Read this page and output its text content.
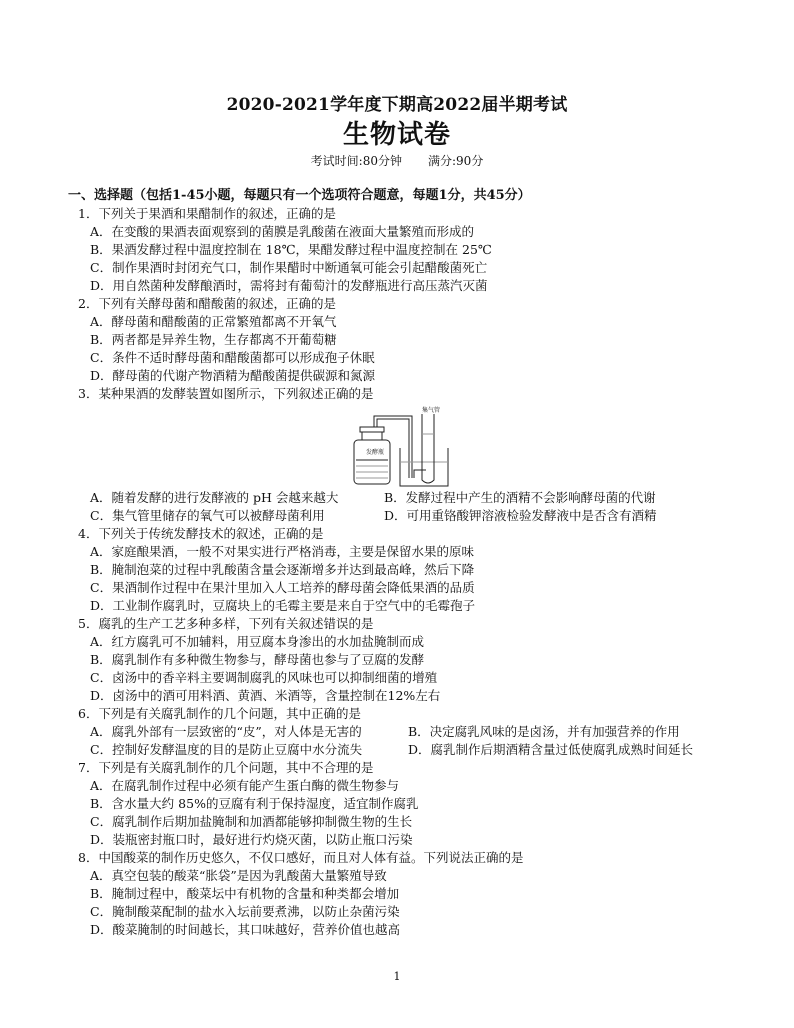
2020-2021学年度下期高2022届半期考试
生物试卷
考试时间:80分钟 满分:90分
一、选择题（包括1-45小题，每题只有一个选项符合题意，每题1分，共45分）
1．下列关于果酒和果醋制作的叙述，正确的是
A．在变酸的果酒表面观察到的菌膜是乳酸菌在液面大量繁殖而形成的
B．果酒发酵过程中温度控制在 18℃，果醋发酵过程中温度控制在 25℃
C．制作果酒时封闭充气口，制作果醋时中断通氧可能会引起醋酸菌死亡
D．用自然菌种发酵酿酒时，需将封有葡萄汁的发酵瓶进行高压蒸汽灭菌
2．下列有关酵母菌和醋酸菌的叙述，正确的是
A．酵母菌和醋酸菌的正常繁殖都离不开氧气
B．两者都是异养生物，生存都离不开葡萄糖
C．条件不适时酵母菌和醋酸菌都可以形成孢子休眠
D．酵母菌的代谢产物酒精为醋酸菌提供碳源和氮源
3．某种果酒的发酵装置如图所示，下列叙述正确的是
集气管
发酵瓶
A．随着发酵的进行发酵液的 pH 会越来越大	B．发酵过程中产生的酒精不会影响酵母菌的代谢
C．集气管里储存的氧气可以被酵母菌利用	D．可用重铬酸钾溶液检验发酵液中是否含有酒精
4．下列关于传统发酵技术的叙述，正确的是
A．家庭酿果酒，一般不对果实进行严格消毒，主要是保留水果的原味
B．腌制泡菜的过程中乳酸菌含量会逐渐增多并达到最高峰，然后下降
C．果酒制作过程中在果汁里加入人工培养的酵母菌会降低果酒的品质
D．工业制作腐乳时，豆腐块上的毛霉主要是来自于空气中的毛霉孢子
5．腐乳的生产工艺多种多样，下列有关叙述错误的是
A．红方腐乳可不加辅料，用豆腐本身渗出的水加盐腌制而成
B．腐乳制作有多种微生物参与，酵母菌也参与了豆腐的发酵
C．卤汤中的香辛料主要调制腐乳的风味也可以抑制细菌的增殖
D．卤汤中的酒可用料酒、黄酒、米酒等，含量控制在12%左右
6．下列是有关腐乳制作的几个问题，其中正确的是
A．腐乳外部有一层致密的“皮”，对人体是无害的	B．决定腐乳风味的是卤汤，并有加强营养的作用
C．控制好发酵温度的目的是防止豆腐中水分流失	D．腐乳制作后期酒精含量过低使腐乳成熟时间延长
7．下列是有关腐乳制作的几个问题，其中不合理的是
A．在腐乳制作过程中必须有能产生蛋白酶的微生物参与
B．含水量大约 85%的豆腐有利于保持湿度，适宜制作腐乳
C．腐乳制作后期加盐腌制和加酒都能够抑制微生物的生长
D．装瓶密封瓶口时，最好进行灼烧灭菌，以防止瓶口污染
8．中国酸菜的制作历史悠久，不仅口感好，而且对人体有益。下列说法正确的是
A．真空包装的酸菜“胀袋”是因为乳酸菌大量繁殖导致
B．腌制过程中，酸菜坛中有机物的含量和种类都会增加
C．腌制酸菜配制的盐水入坛前要煮沸，以防止杂菌污染
D．酸菜腌制的时间越长，其口味越好，营养价值也越高
1
